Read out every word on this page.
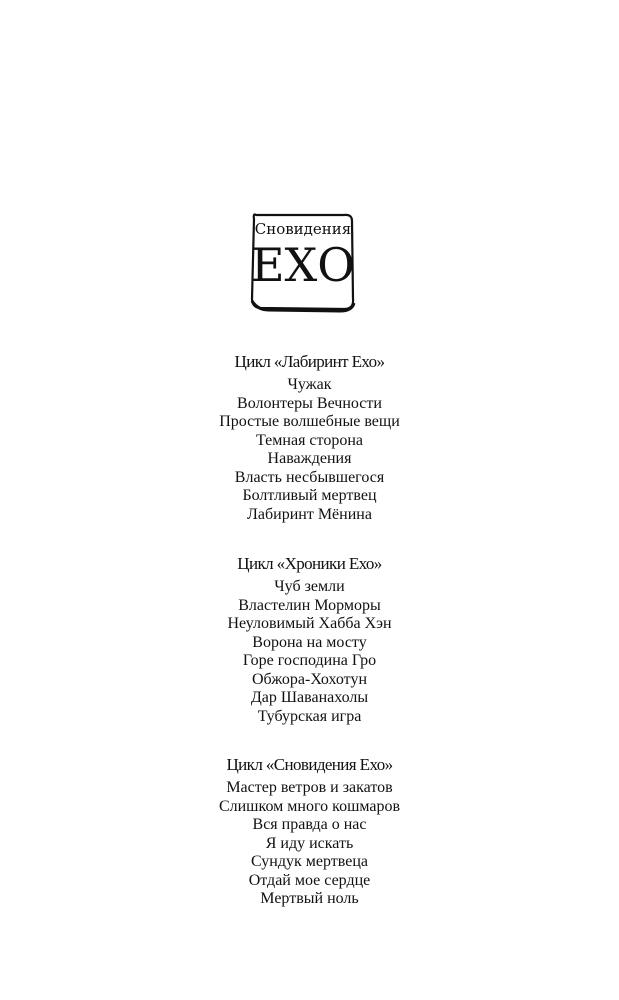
Сновидения
ЕХО
Цикл «Лабиринт Ехо»
Чужак
Волонтеры Вечности
Простые волшебные вещи
Темная сторона
Наваждения
Власть несбывшегося
Болтливый мертвец
Лабиринт Мёнина
Цикл «Хроники Ехо»
Чуб земли
Властелин Морморы
Неуловимый Хабба Хэн
Ворона на мосту
Горе господина Гро
Обжора-Хохотун
Дар Шаванахолы
Тубурская игра
Цикл «Сновидения Ехо»
Мастер ветров и закатов
Слишком много кошмаров
Вся правда о нас
Я иду искать
Сундук мертвеца
Отдай мое сердце
Мертвый ноль
